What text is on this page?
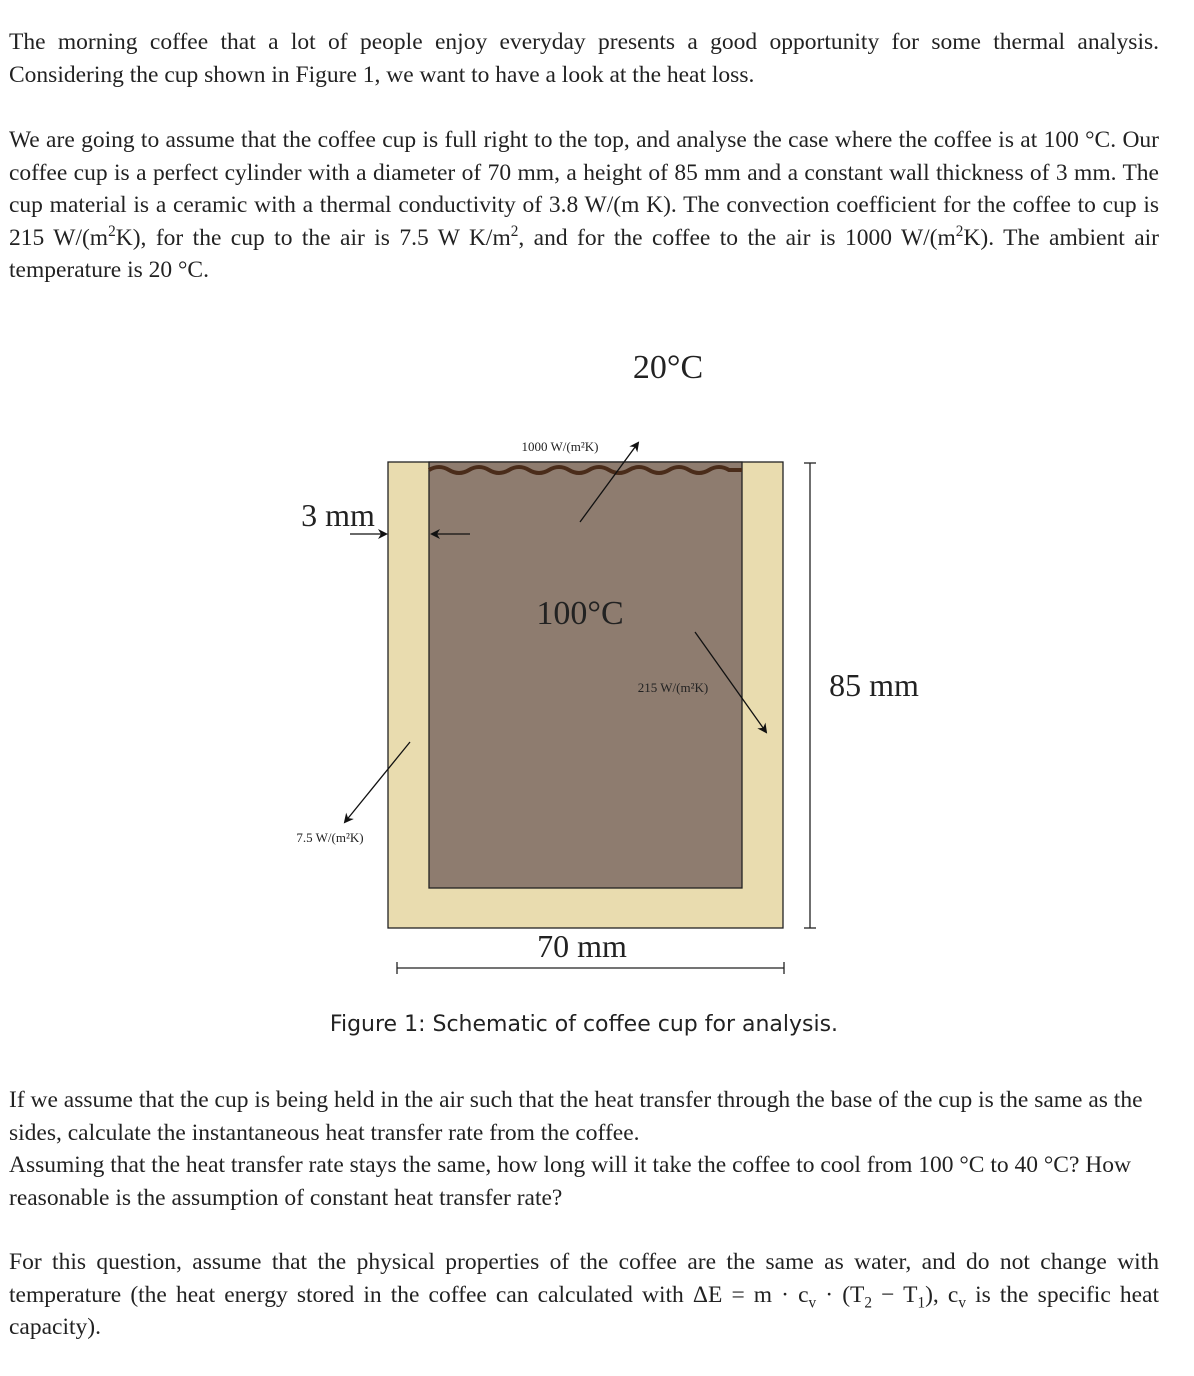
The morning coffee that a lot of people enjoy everyday presents a good opportunity for some thermal analysis. Considering the cup shown in Figure 1, we want to have a look at the heat loss.

We are going to assume that the coffee cup is full right to the top, and analyse the case where the coffee is at 100 °C. Our coffee cup is a perfect cylinder with a diameter of 70 mm, a height of 85 mm and a constant wall thickness of 3 mm. The cup material is a ceramic with a thermal conductivity of 3.8 W/(m K). The convection coefficient for the coffee to cup is 215 $W/(m^2K)$, for the cup to the air is 7.5 W $K/m^2$, and for the coffee to the air is 1000 $W/(m^2K)$. The ambient air temperature is 20 °C.

20°C
1000 W/(m²K)
100°C
215 W/(m²K)
7.5 W/(m²K)
3 mm
85 mm
70 mm
Figure 1: Schematic of coffee cup for analysis.

If we assume that the cup is being held in the air such that the heat transfer through the base of the cup is the same as the sides, calculate the instantaneous heat transfer rate from the coffee.
Assuming that the heat transfer rate stays the same, how long will it take the coffee to cool from 100 °C to 40 °C? How reasonable is the assumption of constant heat transfer rate?

For this question, assume that the physical properties of the coffee are the same as water, and do not change with temperature (the heat energy stored in the coffee can calculated with $\Delta E = m \cdot c_v \cdot (T_2 - T_1)$, $c_v$ is the specific heat capacity).
